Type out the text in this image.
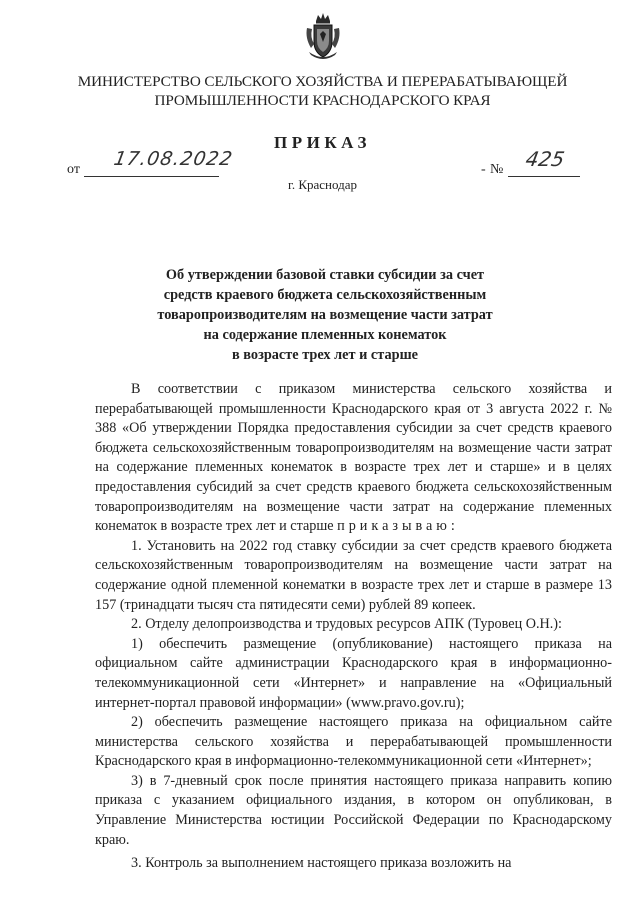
МИНИСТЕРСТВО СЕЛЬСКОГО ХОЗЯЙСТВА И ПЕРЕРАБАТЫВАЮЩЕЙ
ПРОМЫШЛЕННОСТИ КРАСНОДАРСКОГО КРАЯ
ПРИКАЗ
от 17.08.2022	- № 425
г. Краснодар
Об утверждении базовой ставки субсидии за счет
средств краевого бюджета сельскохозяйственным
товаропроизводителям на возмещение части затрат
на содержание племенных конематок
в возрасте трех лет и старше

В соответствии с приказом министерства сельского хозяйства и перерабатывающей промышленности Краснодарского края от 3 августа 2022 г. № 388 «Об утверждении Порядка предоставления субсидии за счет средств краевого бюджета сельскохозяйственным товаропроизводителям на возмещение части затрат на содержание племенных конематок в возрасте трех лет и старше» и в целях предоставления субсидий за счет средств краевого бюджета сельскохозяйственным товаропроизводителям на возмещение части затрат на содержание племенных конематок в возрасте трех лет и старше приказываю:

1. Установить на 2022 год ставку субсидии за счет средств краевого бюджета сельскохозяйственным товаропроизводителям на возмещение части затрат на содержание одной племенной конематки в возрасте трех лет и старше в размере 13 157 (тринадцати тысяч ста пятидесяти семи) рублей 89 копеек.

2. Отделу делопроизводства и трудовых ресурсов АПК (Туровец О.Н.):

1) обеспечить размещение (опубликование) настоящего приказа на официальном сайте администрации Краснодарского края в информационно-телекоммуникационной сети «Интернет» и направление на «Официальный интернет-портал правовой информации» (www.pravo.gov.ru);

2) обеспечить размещение настоящего приказа на официальном сайте министерства сельского хозяйства и перерабатывающей промышленности Краснодарского края в информационно-телекоммуникационной сети «Интернет»;

3) в 7-дневный срок после принятия настоящего приказа направить копию приказа с указанием официального издания, в котором он опубликован, в Управление Министерства юстиции Российской Федерации по Краснодарскому краю.

3. Контроль за выполнением настоящего приказа возложить на
